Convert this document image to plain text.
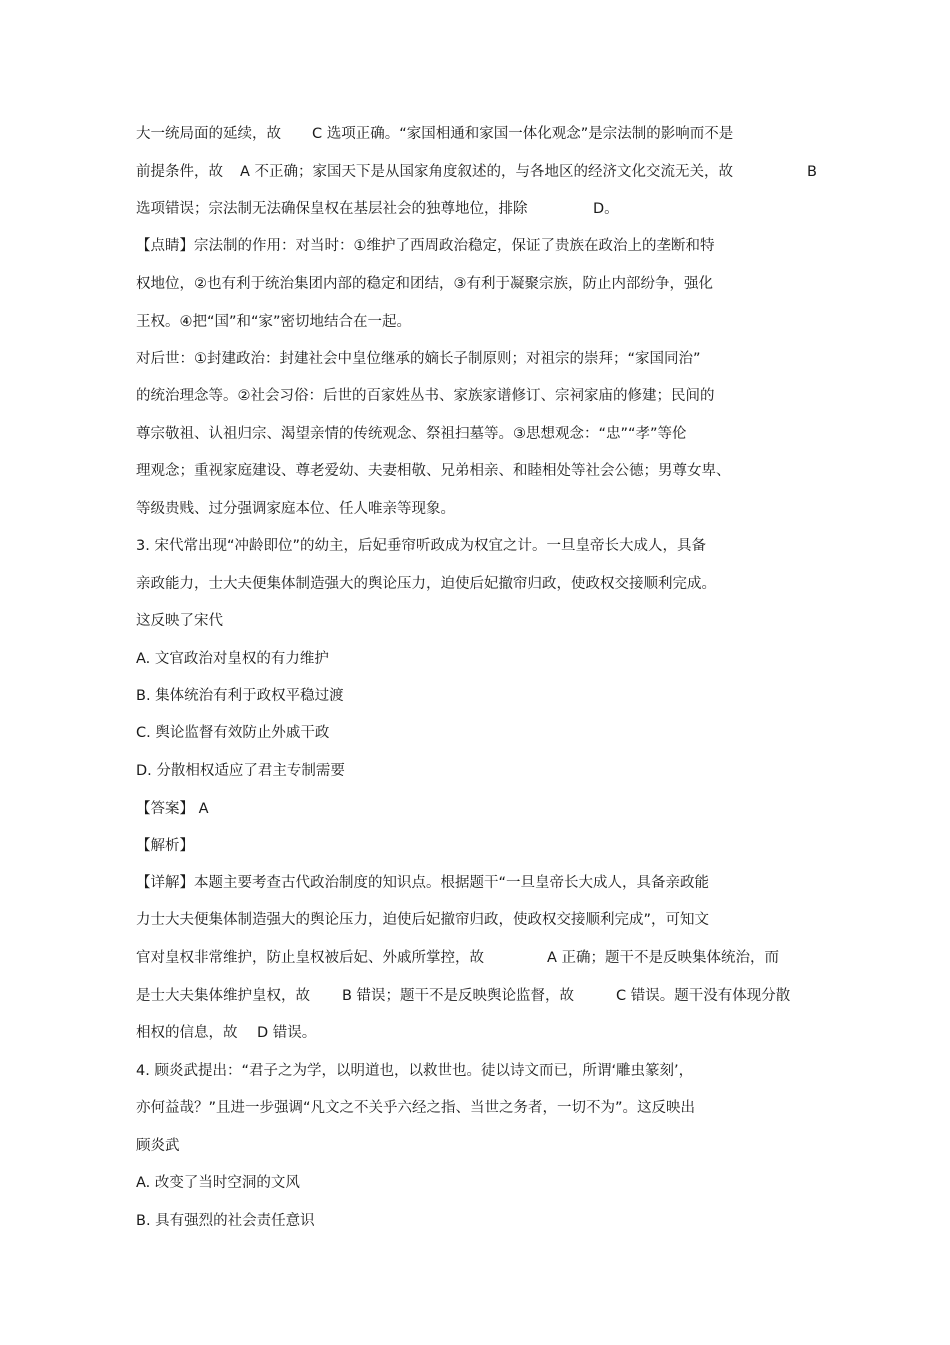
大一统局面的延续，故 C 选项正确。“家国相通和家国一体化观念”是宗法制的影响而不是
前提条件，故 A 不正确；家国天下是从国家角度叙述的，与各地区的经济文化交流无关，故	B
选项错误；宗法制无法确保皇权在基层社会的独尊地位，排除	D。
【点睛】宗法制的作用：对当时：①维护了西周政治稳定，保证了贵族在政治上的垄断和特
权地位，②也有利于统治集团内部的稳定和团结，③有利于凝聚宗族，防止内部纷争，强化
王权。④把“国”和“家”密切地结合在一起。
对后世：①封建政治：封建社会中皇位继承的嫡长子制原则；对祖宗的崇拜；“家国同治”
的统治理念等。②社会习俗：后世的百家姓丛书、家族家谱修订、宗祠家庙的修建；民间的
尊宗敬祖、认祖归宗、渴望亲情的传统观念、祭祖扫墓等。③思想观念：“忠”“孝”等伦
理观念；重视家庭建设、尊老爱幼、夫妻相敬、兄弟相亲、和睦相处等社会公德；男尊女卑、
等级贵贱、过分强调家庭本位、任人唯亲等现象。
3. 宋代常出现“冲龄即位”的幼主，后妃垂帘听政成为权宜之计。一旦皇帝长大成人，具备
亲政能力，士大夫便集体制造强大的舆论压力，迫使后妃撤帘归政，使政权交接顺利完成。
这反映了宋代
A. 文官政治对皇权的有力维护
B. 集体统治有利于政权平稳过渡
C. 舆论监督有效防止外戚干政
D. 分散相权适应了君主专制需要
【答案】 A
【解析】
【详解】本题主要考查古代政治制度的知识点。根据题干“一旦皇帝长大成人，具备亲政能
力士大夫便集体制造强大的舆论压力，迫使后妃撤帘归政，使政权交接顺利完成”，可知文
官对皇权非常维护，防止皇权被后妃、外戚所掌控，故	A 正确；题干不是反映集体统治，而
是士大夫集体维护皇权，故 B 错误；题干不是反映舆论监督，故	C 错误。题干没有体现分散
相权的信息，故 D 错误。
4. 顾炎武提出：“君子之为学，以明道也，以救世也。徒以诗文而已，所谓‘雕虫篆刻’，
亦何益哉？”且进一步强调“凡文之不关乎六经之指、当世之务者，一切不为”。这反映出
顾炎武
A. 改变了当时空洞的文风
B. 具有强烈的社会责任意识
